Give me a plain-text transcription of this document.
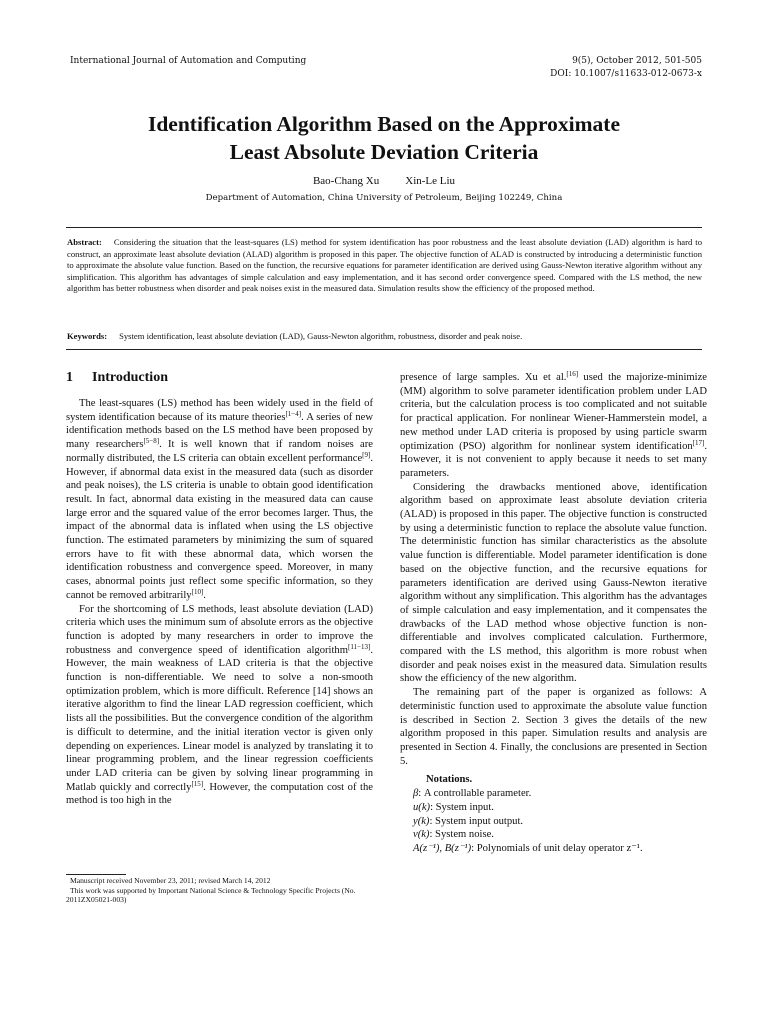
International Journal of Automation and Computing	9(5), October 2012, 501-505
DOI: 10.1007/s11633-012-0673-x
Identification Algorithm Based on the Approximate
Least Absolute Deviation Criteria
Bao-Chang Xu Xin-Le Liu
Department of Automation, China University of Petroleum, Beijing 102249, China
Abstract: Considering the situation that the least-squares (LS) method for system identification has poor robustness and the least absolute deviation (LAD) algorithm is hard to construct, an approximate least absolute deviation (ALAD) algorithm is proposed in this paper. The objective function of ALAD is constructed by introducing a deterministic function to approximate the absolute value function. Based on the function, the recursive equations for parameter identification are derived using Gauss-Newton iterative algorithm without any simplification. This algorithm has advantages of simple calculation and easy implementation, and it has second order convergence speed. Compared with the LS method, the new algorithm has better robustness when disorder and peak noises exist in the measured data. Simulation results show the efficiency of the proposed method.
Keywords: System identification, least absolute deviation (LAD), Gauss-Newton algorithm, robustness, disorder and peak noise.
1 Introduction

The least-squares (LS) method has been widely used in the field of system identification because of its mature theories[1−4]. A series of new identification methods based on the LS method have been proposed by many researchers[5−8]. It is well known that if random noises are normally distributed, the LS criteria can obtain excellent performance[9]. However, if abnormal data exist in the measured data (such as disorder and peak noises), the LS criteria is unable to obtain good identification result. In fact, abnormal data existing in the measured data can cause large error and the squared value of the error becomes larger. Thus, the impact of the abnormal data is inflated when using the LS objective function. The estimated parameters by minimizing the sum of squared errors have to fit with these abnormal data, which worsen the identification robustness and convergence speed. Moreover, in many cases, abnormal points just reflect some specific information, so they cannot be removed arbitrarily[10].

For the shortcoming of LS methods, least absolute deviation (LAD) criteria which uses the minimum sum of absolute errors as the objective function is adopted by many researchers in order to improve the robustness and convergence speed of identification algorithm[11−13]. However, the main weakness of LAD criteria is that the objective function is non-differentiable. We need to solve a non-smooth optimization problem, which is more difficult. Reference [14] shows an iterative algorithm to find the linear LAD regression coefficient, which lists all the possibilities. But the convergence condition of the algorithm is difficult to determine, and the initial iteration vector is given only depending on experiences. Linear model is analyzed by translating it to linear programming problem, and the linear regression coefficients under LAD criteria can be given by solving linear programming in Matlab quickly and correctly[15]. However, the computation cost of the method is too high in the

presence of large samples. Xu et al.[16] used the majorize-minimize (MM) algorithm to solve parameter identification problem under LAD criteria, but the calculation process is too complicated and not suitable for practical application. For nonlinear Wiener-Hammerstein model, a new method under LAD criteria is proposed by using particle swarm optimization (PSO) algorithm for nonlinear system identification[17]. However, it is not convenient to apply because it needs to set many parameters.

Considering the drawbacks mentioned above, identification algorithm based on approximate least absolute deviation criteria (ALAD) is proposed in this paper. The objective function is constructed by using a deterministic function to replace the absolute value function. The deterministic function has similar characteristics as the absolute value function is differentiable. Model parameter identification is done based on the objective function, and the recursive equations for parameters identification are derived using Gauss-Newton iterative algorithm without any simplification. This algorithm has the advantages of simple calculation and easy implementation, and it compensates the drawbacks of the LAD method whose objective function is non-differentiable and involves complicated calculation. Furthermore, compared with the LS method, this algorithm is more robust when disorder and peak noises exist in the measured data. Simulation results show the efficiency of the new algorithm.

The remaining part of the paper is organized as follows: A deterministic function used to approximate the absolute value function is described in Section 2. Section 3 gives the details of the new algorithm proposed in this paper. Simulation results and analysis are presented in Section 4. Finally, the conclusions are presented in Section 5.

Notations.

β: A controllable parameter.

u(k): System input.

y(k): System input output.

v(k): System noise.

A(z⁻¹), B(z⁻¹): Polynomials of unit delay operator z⁻¹.

Manuscript received November 23, 2011; revised March 14, 2012
This work was supported by Important National Science & Technology Specific Projects (No. 2011ZX05021-003)
